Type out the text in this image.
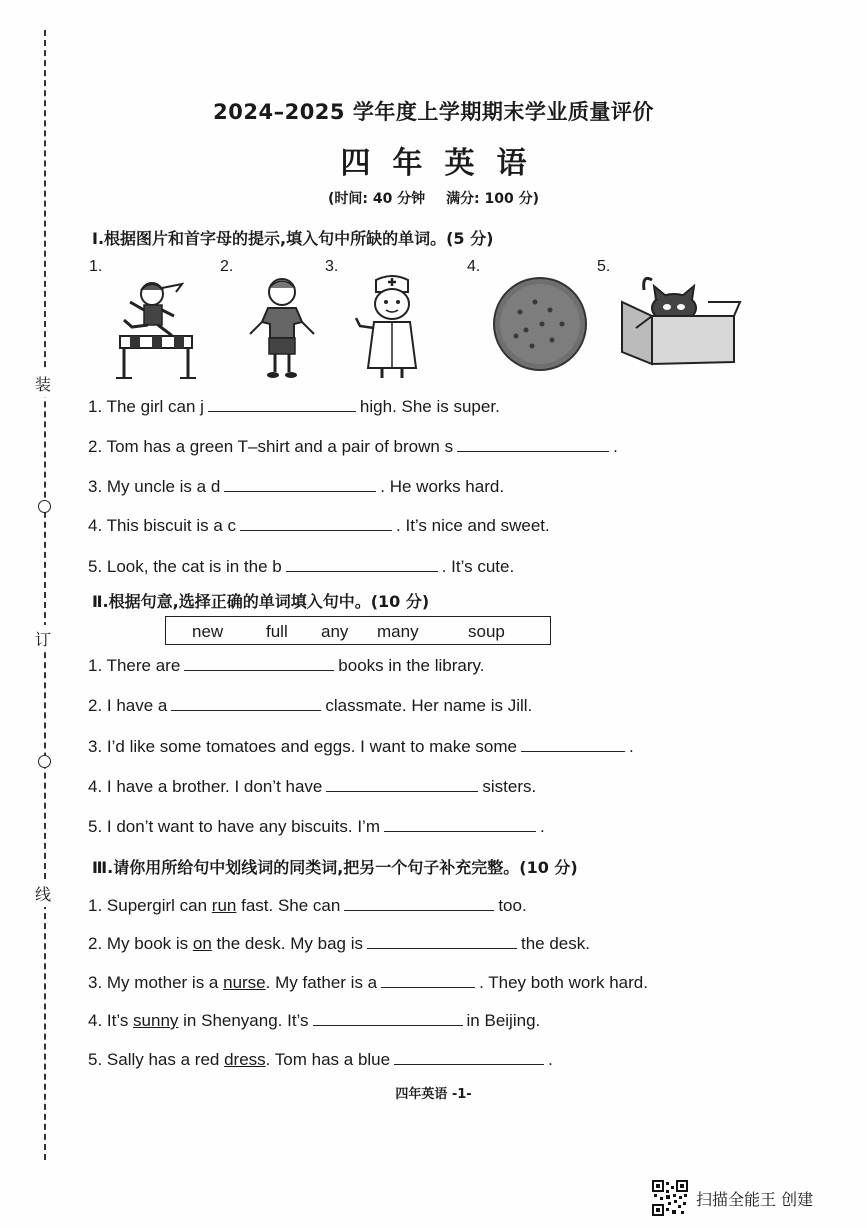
装
订
线
2024–2025 学年度上学期期末学业质量评价
四年英语
(时间: 40 分钟 满分: 100 分)
Ⅰ.根据图片和首字母的提示,填入句中所缺的单词。(5 分)
1.	2.	3.	4.	5.
1. The girl can j	high. She is super.
2. Tom has a green T–shirt and a pair of brown s	.
3. My uncle is a d	. He works hard.
4. This biscuit is a c	. It’s nice and sweet.
5. Look, the cat is in the b	. It’s cute.
Ⅱ.根据句意,选择正确的单词填入句中。(10 分)
new	full any many	soup
1. There are	books in the library.
2. I have a	classmate. Her name is Jill.
3. I’d like some tomatoes and eggs. I want to make some	.
4. I have a brother. I don’t have	sisters.
5. I don’t want to have any biscuits. I’m	.
Ⅲ.请你用所给句中划线词的同类词,把另一个句子补充完整。(10 分)
1. Supergirl can run fast. She can	too.
2. My book is on the desk. My bag is	the desk.
3. My mother is a nurse. My father is a	. They both work hard.
4. It’s sunny in Shenyang. It’s	in Beijing.
5. Sally has a red dress. Tom has a blue	.
四年英语 -1-
扫描全能王 创建
